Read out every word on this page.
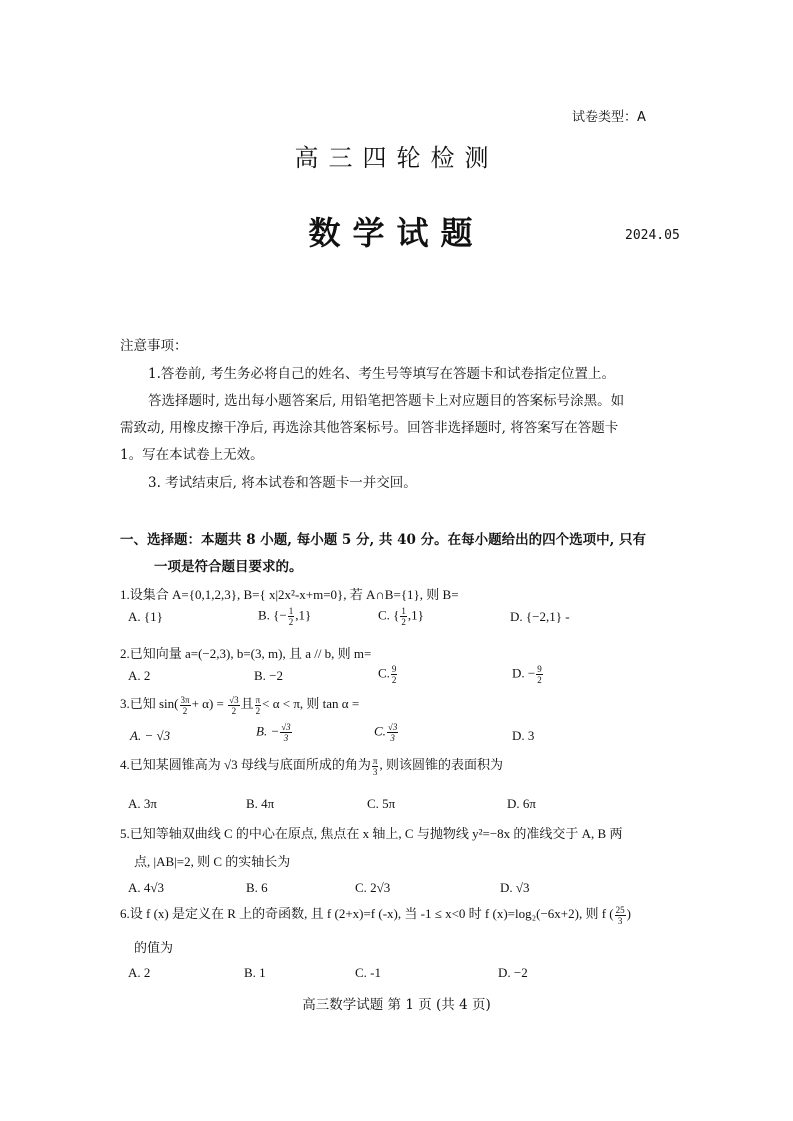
试卷类型：A
高三四轮检测
数学试题	2024.05
注意事项：
1.答卷前, 考生务必将自己的姓名、考生号等填写在答题卡和试卷指定位置上。
答选择题时, 选出每小题答案后, 用铅笔把答题卡上对应题目的答案标号涂黑。如
需致动, 用橡皮擦干净后, 再选涂其他答案标号。回答非选择题时, 将答案写在答题卡
1。写在本试卷上无效。
3. 考试结束后, 将本试卷和答题卡一并交回。
一、选择题：本题共 8 小题, 每小题 5 分, 共 40 分。在每小题给出的四个选项中, 只有
一项是符合题目要求的。
1.设集合 A={0,1,2,3}, B={ x|2x²-x+m=0}, 若 A∩B={1}, 则 B=
A. {1}	B. {− $\frac{1}{2} ,1$}	C. { $\frac{1}{2} ,1$}	D. {−2,1} -
2.已知向量 a=(−2,3), b=(3, m), 且 a // b, 则 m=
A. 2	B. −2	C. $\frac{9}{2}$	D. − $\frac{9}{2}$
3.已知 $\sin( \frac{3\pi}{2} + \alpha) = \frac{√3}{2}$ 且 $\frac{\pi}{2} < \alpha < \pi$, 则 tan α =
A. − √3	B. − $\frac{√3}{3}$	C. $\frac{√3}{3}$	D. 3
4.已知某圆锥高为 √3 母线与底面所成的角为 $\frac{\pi}{3}$ , 则该圆锥的表面积为
A. 3π	B. 4π	C. 5π	D. 6π
5.已知等轴双曲线 C 的中心在原点, 焦点在 x 轴上, C 与抛物线 y²=−8x 的准线交于 A, B 两
点, |AB|=2, 则 C 的实轴长为
A. 4√3	B. 6	C. 2√3	D. √3
6.设 f (x) 是定义在 R 上的奇函数, 且 f (2+x)=f (-x), 当 -1 ≤ x<0 时 f (x)=log₂(−6x+2), 则 f ( $\frac{25}{3}$ )
的值为
A. 2	B. 1	C. -1	D. −2
高三数学试题 第 1 页 (共 4 页)
